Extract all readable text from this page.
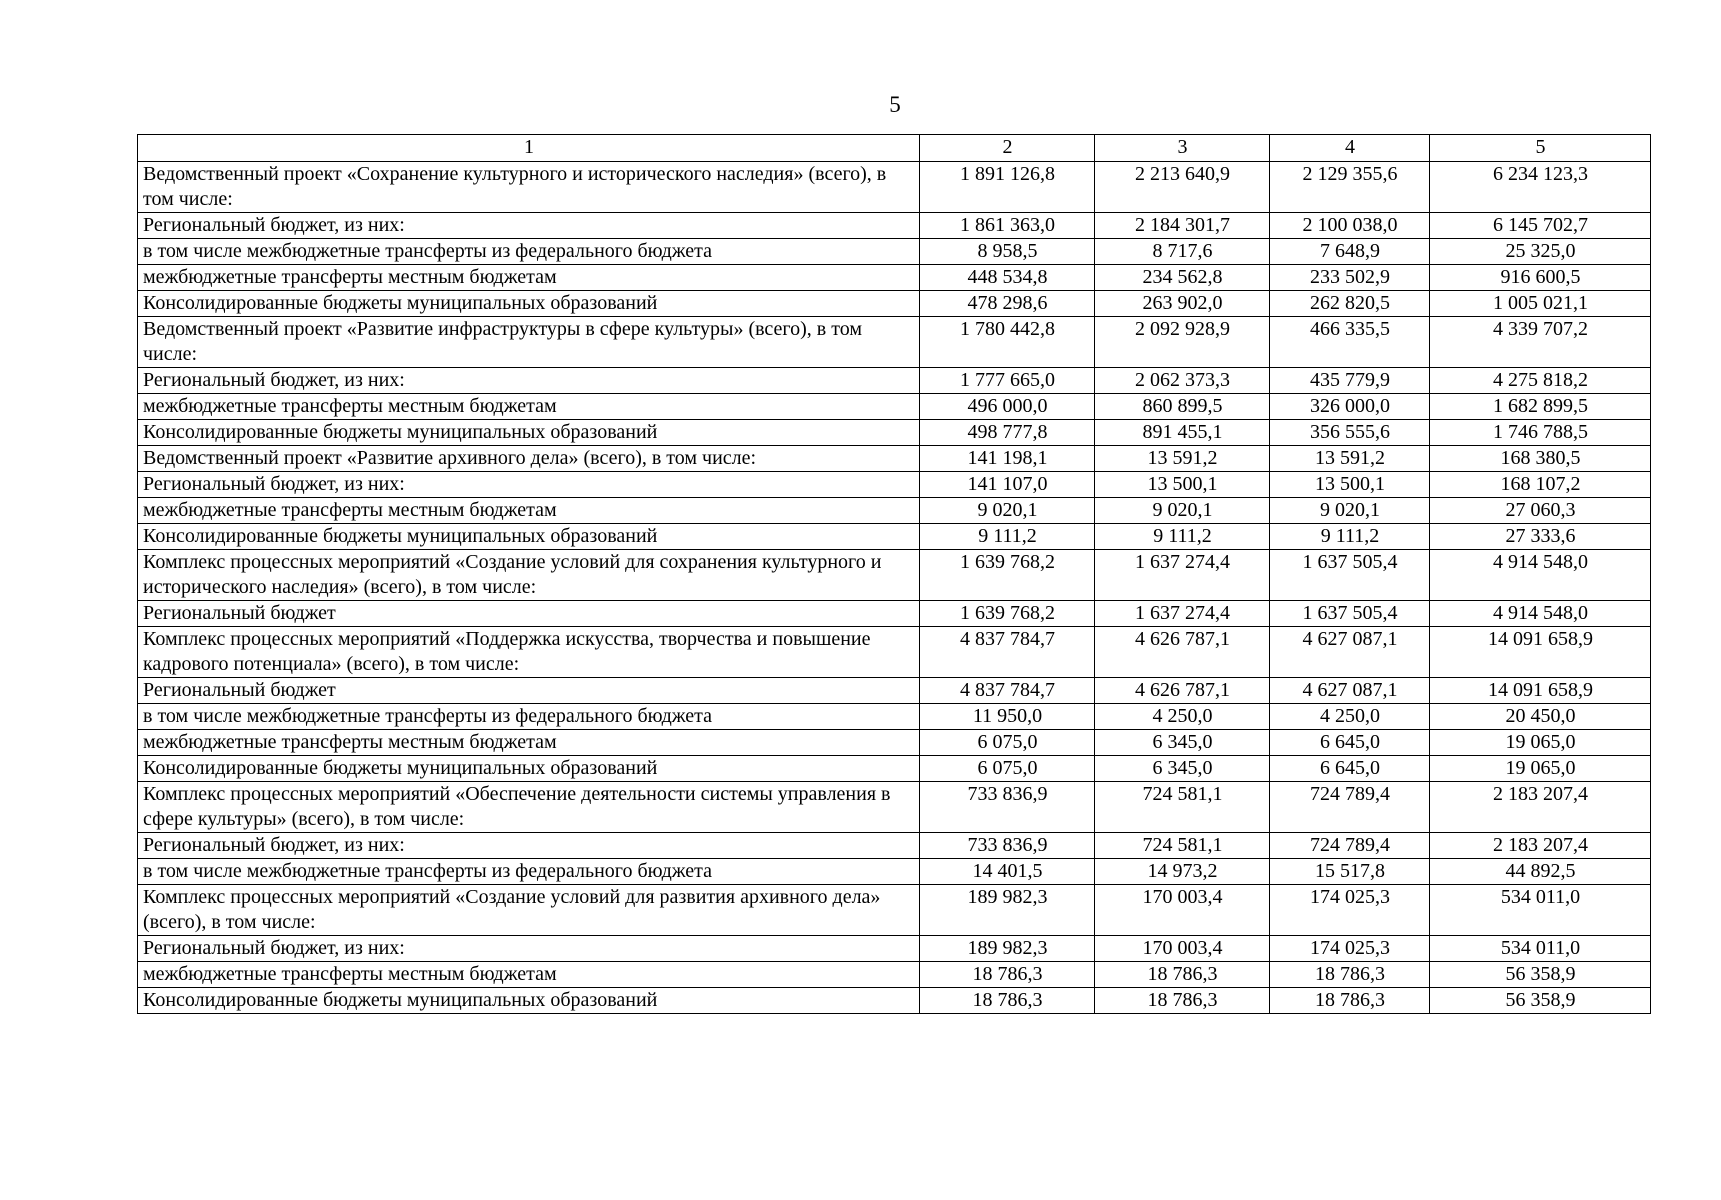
5
1	2	3	4	5
Ведомственный проект «Сохранение культурного и исторического наследия» (всего), в том числе:	1 891 126,8	2 213 640,9	2 129 355,6	6 234 123,3
Региональный бюджет, из них:	1 861 363,0	2 184 301,7	2 100 038,0	6 145 702,7
в том числе межбюджетные трансферты из федерального бюджета	8 958,5	8 717,6	7 648,9	25 325,0
межбюджетные трансферты местным бюджетам	448 534,8	234 562,8	233 502,9	916 600,5
Консолидированные бюджеты муниципальных образований	478 298,6	263 902,0	262 820,5	1 005 021,1
Ведомственный проект «Развитие инфраструктуры в сфере культуры» (всего), в том числе:	1 780 442,8	2 092 928,9	466 335,5	4 339 707,2
Региональный бюджет, из них:	1 777 665,0	2 062 373,3	435 779,9	4 275 818,2
межбюджетные трансферты местным бюджетам	496 000,0	860 899,5	326 000,0	1 682 899,5
Консолидированные бюджеты муниципальных образований	498 777,8	891 455,1	356 555,6	1 746 788,5
Ведомственный проект «Развитие архивного дела» (всего), в том числе:	141 198,1	13 591,2	13 591,2	168 380,5
Региональный бюджет, из них:	141 107,0	13 500,1	13 500,1	168 107,2
межбюджетные трансферты местным бюджетам	9 020,1	9 020,1	9 020,1	27 060,3
Консолидированные бюджеты муниципальных образований	9 111,2	9 111,2	9 111,2	27 333,6
Комплекс процессных мероприятий «Создание условий для сохранения культурного и исторического наследия» (всего), в том числе:	1 639 768,2	1 637 274,4	1 637 505,4	4 914 548,0
Региональный бюджет	1 639 768,2	1 637 274,4	1 637 505,4	4 914 548,0
Комплекс процессных мероприятий «Поддержка искусства, творчества и повышение кадрового потенциала» (всего), в том числе:	4 837 784,7	4 626 787,1	4 627 087,1	14 091 658,9
Региональный бюджет	4 837 784,7	4 626 787,1	4 627 087,1	14 091 658,9
в том числе межбюджетные трансферты из федерального бюджета	11 950,0	4 250,0	4 250,0	20 450,0
межбюджетные трансферты местным бюджетам	6 075,0	6 345,0	6 645,0	19 065,0
Консолидированные бюджеты муниципальных образований	6 075,0	6 345,0	6 645,0	19 065,0
Комплекс процессных мероприятий «Обеспечение деятельности системы управления в сфере культуры» (всего), в том числе:	733 836,9	724 581,1	724 789,4	2 183 207,4
Региональный бюджет, из них:	733 836,9	724 581,1	724 789,4	2 183 207,4
в том числе межбюджетные трансферты из федерального бюджета	14 401,5	14 973,2	15 517,8	44 892,5
Комплекс процессных мероприятий «Создание условий для развития архивного дела» (всего), в том числе:	189 982,3	170 003,4	174 025,3	534 011,0
Региональный бюджет, из них:	189 982,3	170 003,4	174 025,3	534 011,0
межбюджетные трансферты местным бюджетам	18 786,3	18 786,3	18 786,3	56 358,9
Консолидированные бюджеты муниципальных образований	18 786,3	18 786,3	18 786,3	56 358,9
